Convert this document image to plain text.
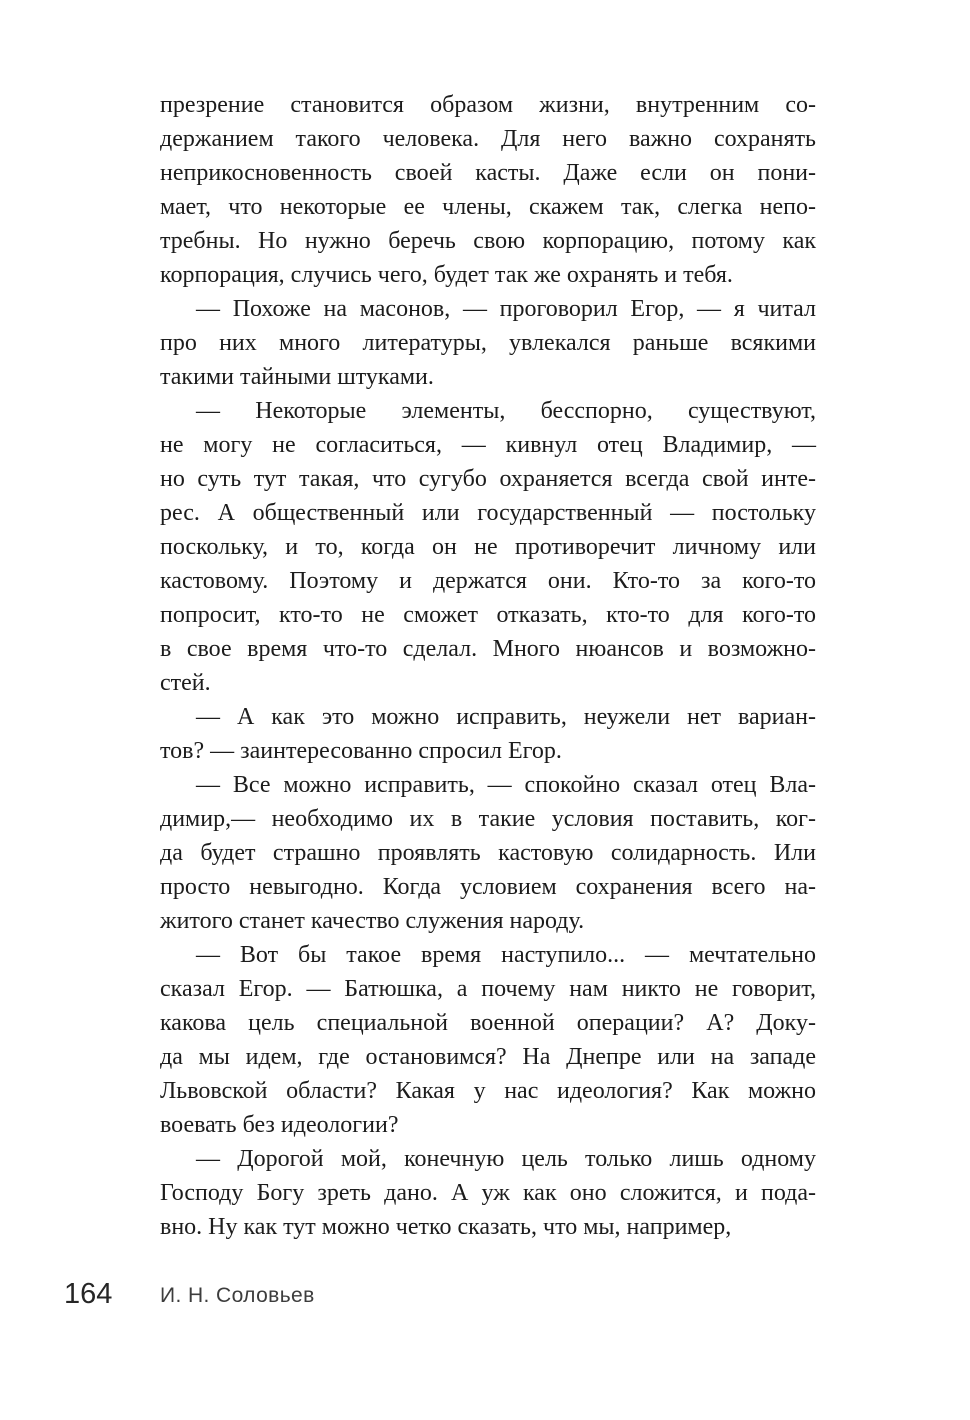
презрение становится образом жизни, внутренним со-
держанием такого человека. Для него важно сохранять
неприкосновенность своей касты. Даже если он пони-
мает, что некоторые ее члены, скажем так, слегка непо-
требны. Но нужно беречь свою корпорацию, потому как
корпорация, случись чего, будет так же охранять и тебя.
— Похоже на масонов, — проговорил Егор, — я читал
про них много литературы, увлекался раньше всякими
такими тайными штуками.
— Некоторые элементы, бесспорно, существуют,
не могу не согласиться, — кивнул отец Владимир, —
но суть тут такая, что сугубо охраняется всегда свой инте-
рес. А общественный или государственный — постольку
поскольку, и то, когда он не противоречит личному или
кастовому. Поэтому и держатся они. Кто-то за кого-то
попросит, кто-то не сможет отказать, кто-то для кого-то
в свое время что-то сделал. Много нюансов и возможно-
стей.
— А как это можно исправить, неужели нет вариан-
тов? — заинтересованно спросил Егор.
— Все можно исправить, — спокойно сказал отец Вла-
димир,— необходимо их в такие условия поставить, ког-
да будет страшно проявлять кастовую солидарность. Или
просто невыгодно. Когда условием сохранения всего на-
житого станет качество служения народу.
— Вот бы такое время наступило... — мечтательно
сказал Егор. — Батюшка, а почему нам никто не говорит,
какова цель специальной военной операции? А? Доку-
да мы идем, где остановимся? На Днепре или на западе
Львовской области? Какая у нас идеология? Как можно
воевать без идеологии?
— Дорогой мой, конечную цель только лишь одному
Господу Богу зреть дано. А уж как оно сложится, и пода-
вно. Ну как тут можно четко сказать, что мы, например,
164 И. Н. Соловьев
